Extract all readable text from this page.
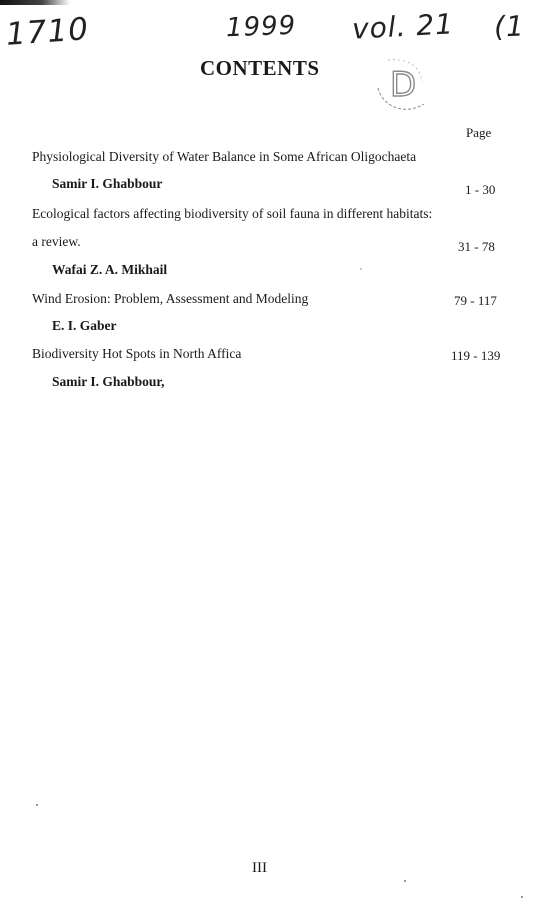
1710	1999 vol. 21 (1
CONTENTS D
Page
Physiological Diversity of Water Balance in Some African Oligochaeta
Samir I. Ghabbour	1 - 30
Ecological factors affecting biodiversity of soil fauna in different habitats:
a review.	31 - 78
Wafai Z. A. Mikhail
Wind Erosion: Problem, Assessment and Modeling	79 - 117
E. I. Gaber
Biodiversity Hot Spots in North Affica	119 - 139
Samir I. Ghabbour,
III
